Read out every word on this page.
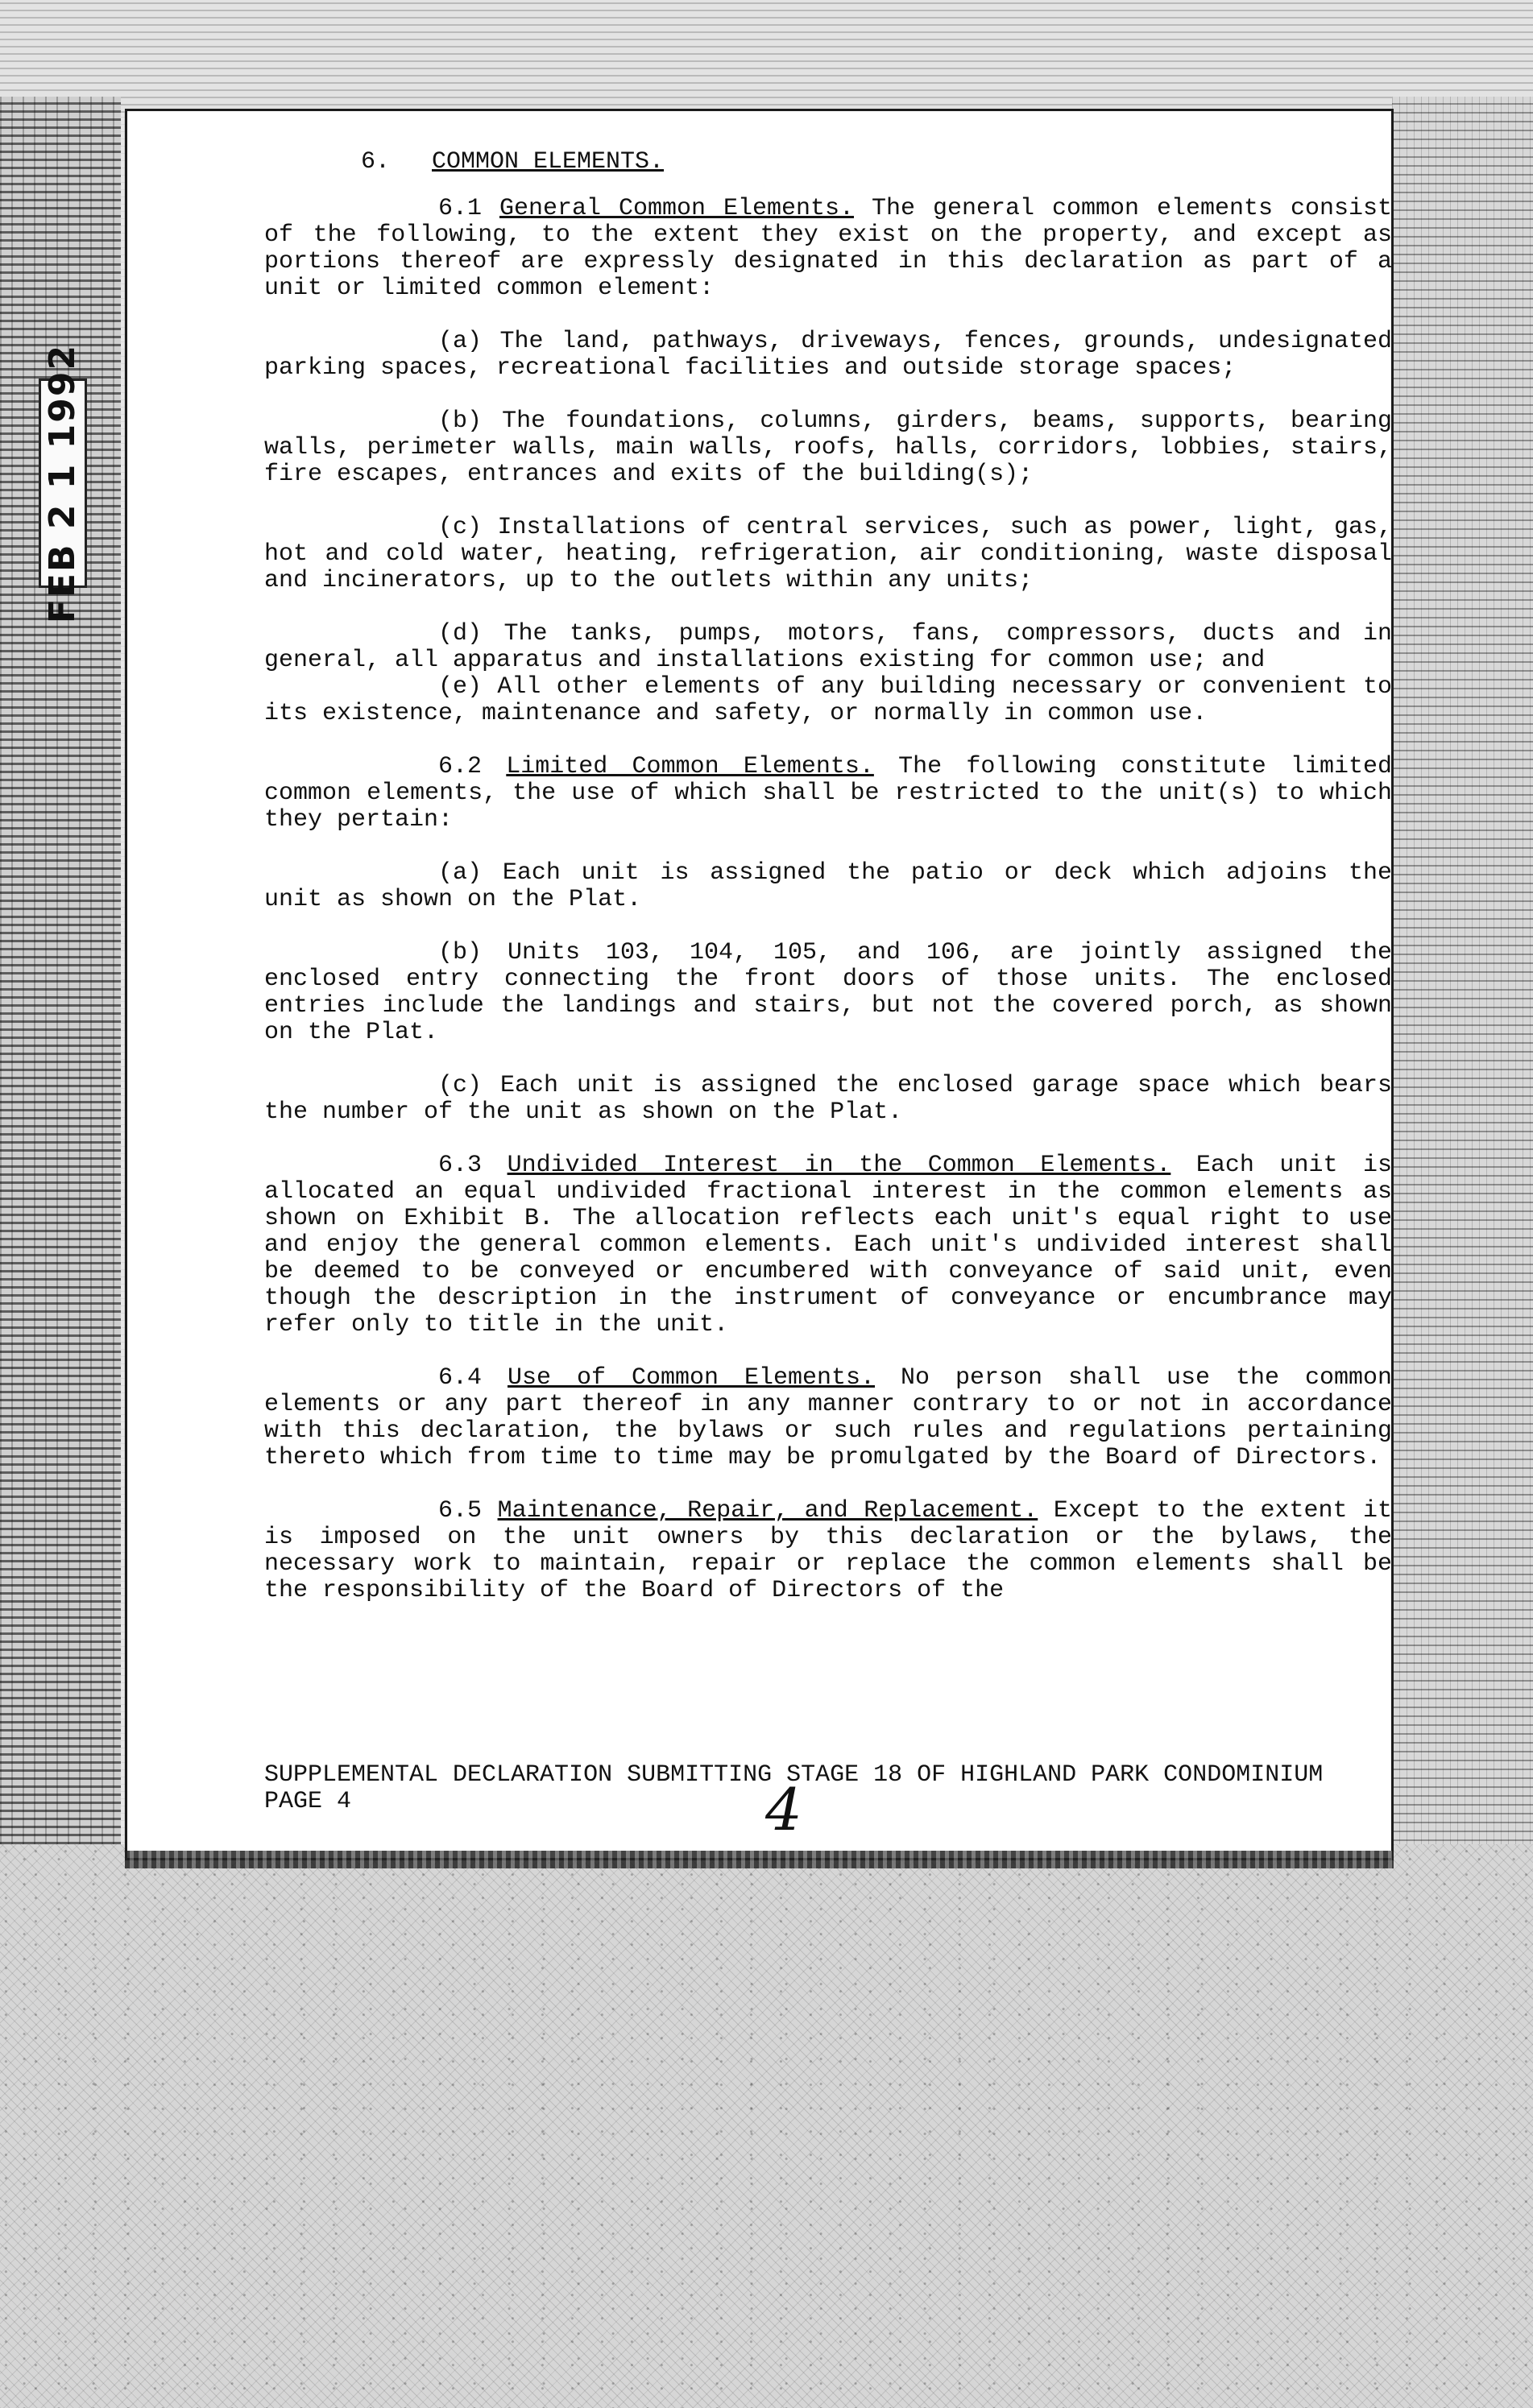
FEB 2 1 1992

6. COMMON ELEMENTS.

6.1 General Common Elements. The general common elements consist of the following, to the extent they exist on the property, and except as portions thereof are expressly designated in this declaration as part of a unit or limited common element:

(a) The land, pathways, driveways, fences, grounds, undesignated parking spaces, recreational facilities and outside storage spaces;

(b) The foundations, columns, girders, beams, supports, bearing walls, perimeter walls, main walls, roofs, halls, corridors, lobbies, stairs, fire escapes, entrances and exits of the building(s);

(c) Installations of central services, such as power, light, gas, hot and cold water, heating, refrigeration, air conditioning, waste disposal and incinerators, up to the outlets within any units;

(d) The tanks, pumps, motors, fans, compressors, ducts and in general, all apparatus and installations existing for common use; and

(e) All other elements of any building necessary or convenient to its existence, maintenance and safety, or normally in common use.

6.2 Limited Common Elements. The following constitute limited common elements, the use of which shall be restricted to the unit(s) to which they pertain:

(a) Each unit is assigned the patio or deck which adjoins the unit as shown on the Plat.

(b) Units 103, 104, 105, and 106, are jointly assigned the enclosed entry connecting the front doors of those units. The enclosed entries include the landings and stairs, but not the covered porch, as shown on the Plat.

(c) Each unit is assigned the enclosed garage space which bears the number of the unit as shown on the Plat.

6.3 Undivided Interest in the Common Elements. Each unit is allocated an equal undivided fractional interest in the common elements as shown on Exhibit B. The allocation reflects each unit's equal right to use and enjoy the general common elements. Each unit's undivided interest shall be deemed to be conveyed or encumbered with conveyance of said unit, even though the description in the instrument of conveyance or encumbrance may refer only to title in the unit.

6.4 Use of Common Elements. No person shall use the common elements or any part thereof in any manner contrary to or not in accordance with this declaration, the bylaws or such rules and regulations pertaining thereto which from time to time may be promulgated by the Board of Directors.

6.5 Maintenance, Repair, and Replacement. Except to the extent it is imposed on the unit owners by this declaration or the bylaws, the necessary work to maintain, repair or replace the common elements shall be the responsibility of the Board of Directors of the

SUPPLEMENTAL DECLARATION SUBMITTING STAGE 18 OF HIGHLAND PARK CONDOMINIUM
PAGE 4	4
